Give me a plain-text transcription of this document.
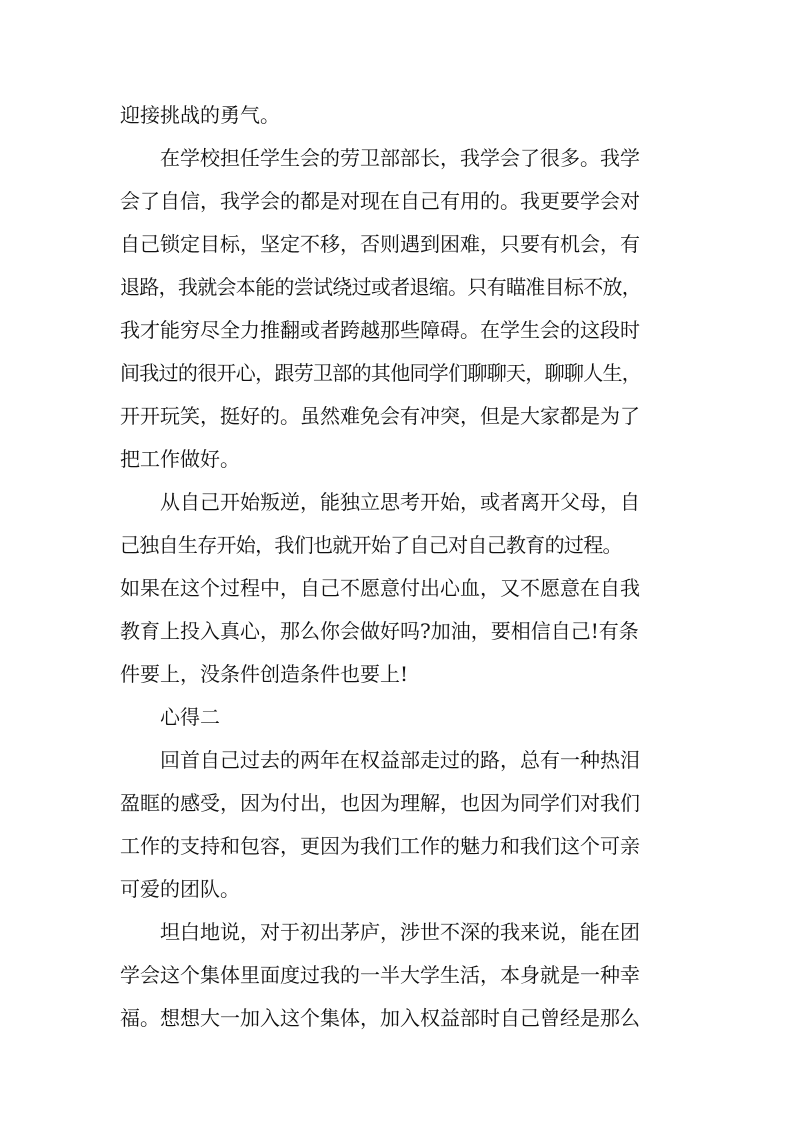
迎接挑战的勇气。
在学校担任学生会的劳卫部部长，我学会了很多。我学
会了自信，我学会的都是对现在自己有用的。我更要学会对
自己锁定目标，坚定不移，否则遇到困难，只要有机会，有
退路，我就会本能的尝试绕过或者退缩。只有瞄准目标不放，
我才能穷尽全力推翻或者跨越那些障碍。在学生会的这段时
间我过的很开心，跟劳卫部的其他同学们聊聊天，聊聊人生，
开开玩笑，挺好的。虽然难免会有冲突，但是大家都是为了
把工作做好。
从自己开始叛逆，能独立思考开始，或者离开父母，自
己独自生存开始，我们也就开始了自己对自己教育的过程。
如果在这个过程中，自己不愿意付出心血，又不愿意在自我
教育上投入真心，那么你会做好吗?加油，要相信自己!有条
件要上，没条件创造条件也要上!
心得二
回首自己过去的两年在权益部走过的路，总有一种热泪
盈眶的感受，因为付出，也因为理解，也因为同学们对我们
工作的支持和包容，更因为我们工作的魅力和我们这个可亲
可爱的团队。
坦白地说，对于初出茅庐，涉世不深的我来说，能在团
学会这个集体里面度过我的一半大学生活，本身就是一种幸
福。想想大一加入这个集体，加入权益部时自己曾经是那么
